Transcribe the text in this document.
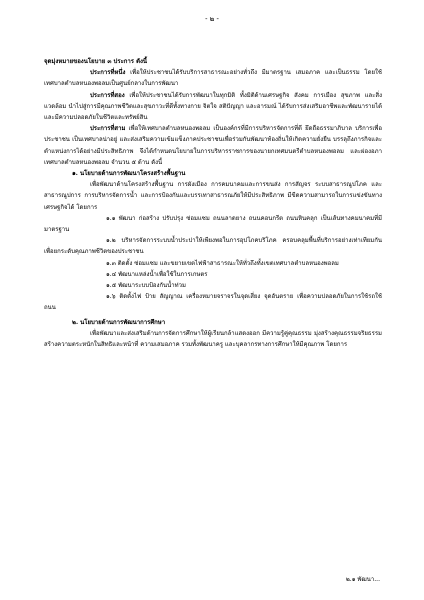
- ๒ -

จุดมุ่งหมายของนโยบาย ๓ ประการ ดังนี้

ประการที่หนึ่ง เพื่อให้ประชาชนได้รับบริการสาธารณะอย่างทั่วถึง มีมาตรฐาน เสมอภาค และเป็นธรรม โดยใช้เทศบาลตำบลหนองพอลมเป็นศูนย์กลางในการพัฒนา

ประการที่สอง เพื่อให้ประชาชนได้รับการพัฒนาในทุกมิติ ทั้งมิติด้านเศรษฐกิจ สังคม การเมือง สุขภาพ และสิ่งแวดล้อม นำไปสู่การมีคุณภาพชีวิตและสุขภาวะที่ดีทั้งทางกาย จิตใจ สติปัญญา และอารมณ์ ได้รับการส่งเสริมอาชีพและพัฒนารายได้ และมีความปลอดภัยในชีวิตและทรัพย์สิน

ประการที่สาม เพื่อให้เทศบาลตำบลหนองพอลม เป็นองค์กรที่มีการบริหารจัดการที่ดี ยึดถือธรรมาภิบาล บริการเพื่อประชาชน เป็นเทศบาลน่าอยู่ และส่งเสริมความเข้มแข็งภาคประชาชนเพื่อร่วมกันพัฒนาท้องถิ่นให้เกิดความยั่งยืน บรรลุถึงภารกิจและตำแหน่งการได้อย่างมีประสิทธิภาพ จึงได้กำหนดนโยบายในการบริหารราชการของนายกเทศมนตรีตำบลหนองพอลม และผ่องอภาเทศบาลตำบลหนองพอลม จำนวน ๕ ด้าน ดังนี้

๑. นโยบายด้านการพัฒนาโครงสร้างพื้นฐาน

เพื่อพัฒนาด้านโครงสร้างพื้นฐาน การผังเมือง การคมนาคมและการขนส่ง การสัญจร ระบบสาธารณูปโภค และสาธารณูปการ การบริหารจัดการน้ำ และการป้องกันและบรรเทาสาธารณภัยให้มีประสิทธิภาพ มีขีดความสามารถในการแข่งขันทางเศรษฐกิจได้ โดยการ

๑.๑ พัฒนา ก่อสร้าง ปรับปรุง ซ่อมแซม ถนนลาดยาง ถนนคอนกรีต ถนนหินคลุก เป็นเส้นทางคมนาคมที่มีมาตรฐาน

๑.๒ บริหารจัดการระบบน้ำประปาให้เพียงพอในการอุปโภคบริโภค ครอบคลุมพื้นที่บริการอย่างเท่าเทียมกัน เพื่อยกระดับคุณภาพชีวิตของประชาชน

๑.๓ ติดตั้ง ซ่อมแซม และขยายเขตไฟฟ้าสาธารณะให้ทั่วถึงทั้งเขตเทศบาลตำบลหนองพอลม

๑.๔ พัฒนาแหล่งน้ำเพื่อใช้ในการเกษตร

๑.๕ พัฒนาระบบป้องกันน้ำท่วม

๑.๖ ติดตั้งไฟ ป้าย สัญญาณ เครื่องหมายจราจรในจุดเสี่ยง จุดอันตราย เพื่อความปลอดภัยในการใช้รถใช้ถนน

๒. นโยบายด้านการพัฒนาการศึกษา

เพื่อพัฒนาและส่งเสริมด้านการจัดการศึกษาให้ผู้เรียนกล้าแสดงออก มีความรู้คู่คุณธรรม มุ่งสร้างคุณธรรมจริยธรรม สร้างความตระหนักในสิทธิและหน้าที่ ความเสมอภาค รวมทั้งพัฒนาครู และบุคลากรทางการศึกษาให้มีคุณภาพ โดยการ

๒.๑ พัฒนา...
